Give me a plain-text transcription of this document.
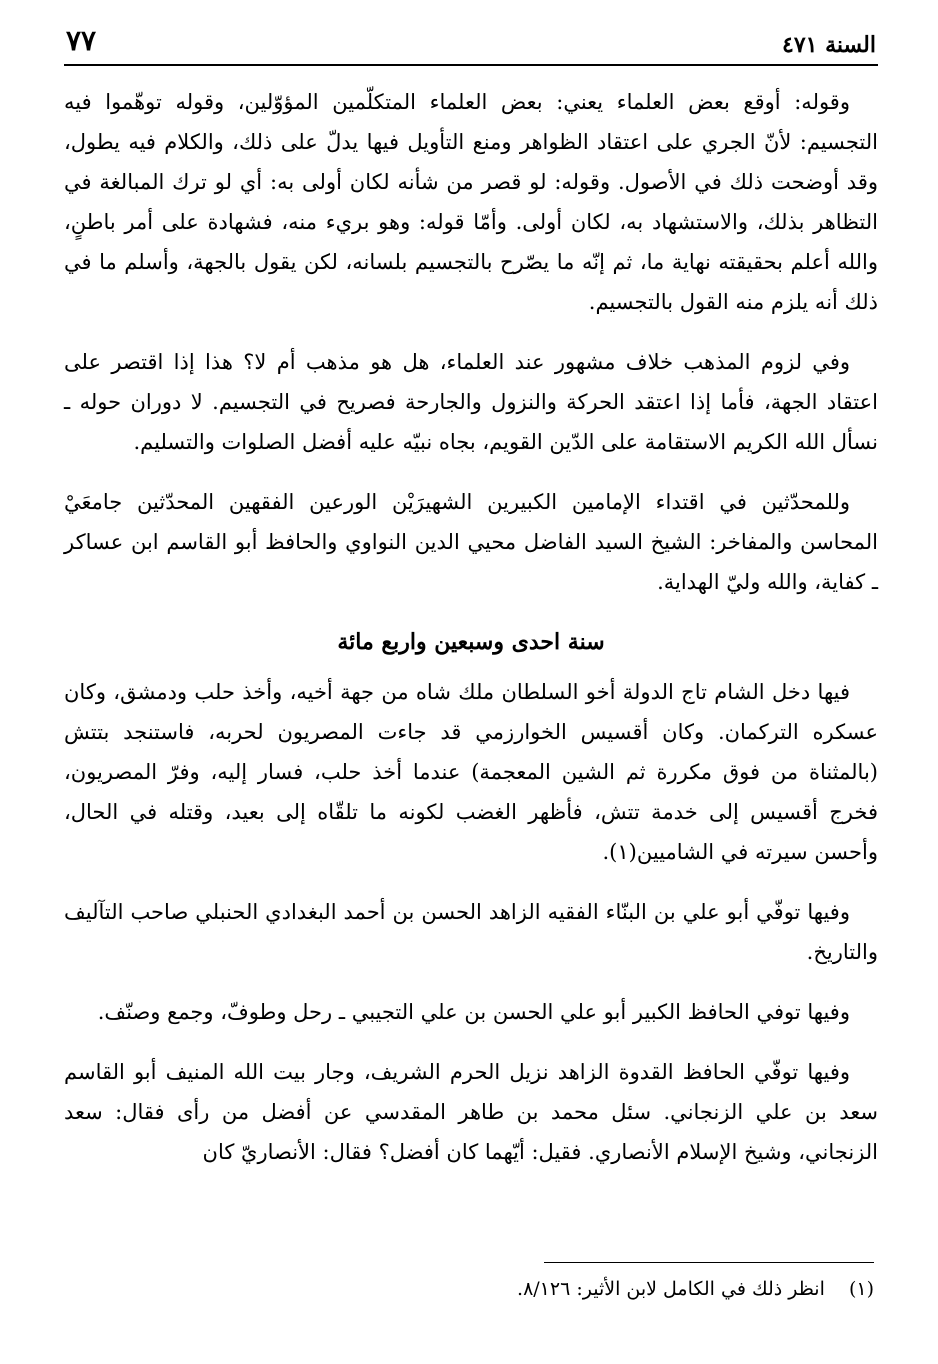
السنة ٤٧١
٧٧

وقوله: أوقع بعض العلماء يعني: بعض العلماء المتكلّمين المؤوّلين، وقوله توهّموا فيه التجسيم: لأنّ الجري على اعتقاد الظواهر ومنع التأويل فيها يدلّ على ذلك، والكلام فيه يطول، وقد أوضحت ذلك في الأصول. وقوله: لو قصر من شأنه لكان أولى به: أي لو ترك المبالغة في التظاهر بذلك، والاستشهاد به، لكان أولى. وأمّا قوله: وهو بريء منه، فشهادة على أمر باطنٍ، والله أعلم بحقيقته نهاية ما، ثم إنّه ما يصّرح بالتجسيم بلسانه، لكن يقول بالجهة، وأسلم ما في ذلك أنه يلزم منه القول بالتجسيم.

وفي لزوم المذهب خلاف مشهور عند العلماء، هل هو مذهب أم لا؟ هذا إذا اقتصر على اعتقاد الجهة، فأما إذا اعتقد الحركة والنزول والجارحة فصريح في التجسيم. لا دوران حوله ـ نسأل الله الكريم الاستقامة على الدّين القويم، بجاه نبيّه عليه أفضل الصلوات والتسليم.

وللمحدّثين في اقتداء الإمامين الكبيرين الشهيرَيْن الورعين الفقهين المحدّثين جامعَيْ المحاسن والمفاخر: الشيخ السيد الفاضل محيي الدين النواوي والحافظ أبو القاسم ابن عساكر ـ كفاية، والله وليّ الهداية.

سنة احدى وسبعين واربع مائة

فيها دخل الشام تاج الدولة أخو السلطان ملك شاه من جهة أخيه، وأخذ حلب ودمشق، وكان عسكره التركمان. وكان أقسيس الخوارزمي قد جاءت المصريون لحربه، فاستنجد بتتش (بالمثناة من فوق مكررة ثم الشين المعجمة) عندما أخذ حلب، فسار إليه، وفرّ المصريون، فخرج أقسيس إلى خدمة تتش، فأظهر الغضب لكونه ما تلقّاه إلى بعيد، وقتله في الحال، وأحسن سيرته في الشاميين(١).

وفيها توفّي أبو علي بن البنّاء الفقيه الزاهد الحسن بن أحمد البغدادي الحنبلي صاحب التآليف والتاريخ.

وفيها توفي الحافظ الكبير أبو علي الحسن بن علي التجيبي ـ رحل وطوفّ، وجمع وصنّف.

وفيها توفّي الحافظ القدوة الزاهد نزيل الحرم الشريف، وجار بيت الله المنيف أبو القاسم سعد بن علي الزنجاني. سئل محمد بن طاهر المقدسي عن أفضل من رأى فقال: سعد الزنجاني، وشيخ الإسلام الأنصاري. فقيل: أيّهما كان أفضل؟ فقال: الأنصاريّ كان

(١) انظر ذلك في الكامل لابن الأثير: ٨/١٢٦.
